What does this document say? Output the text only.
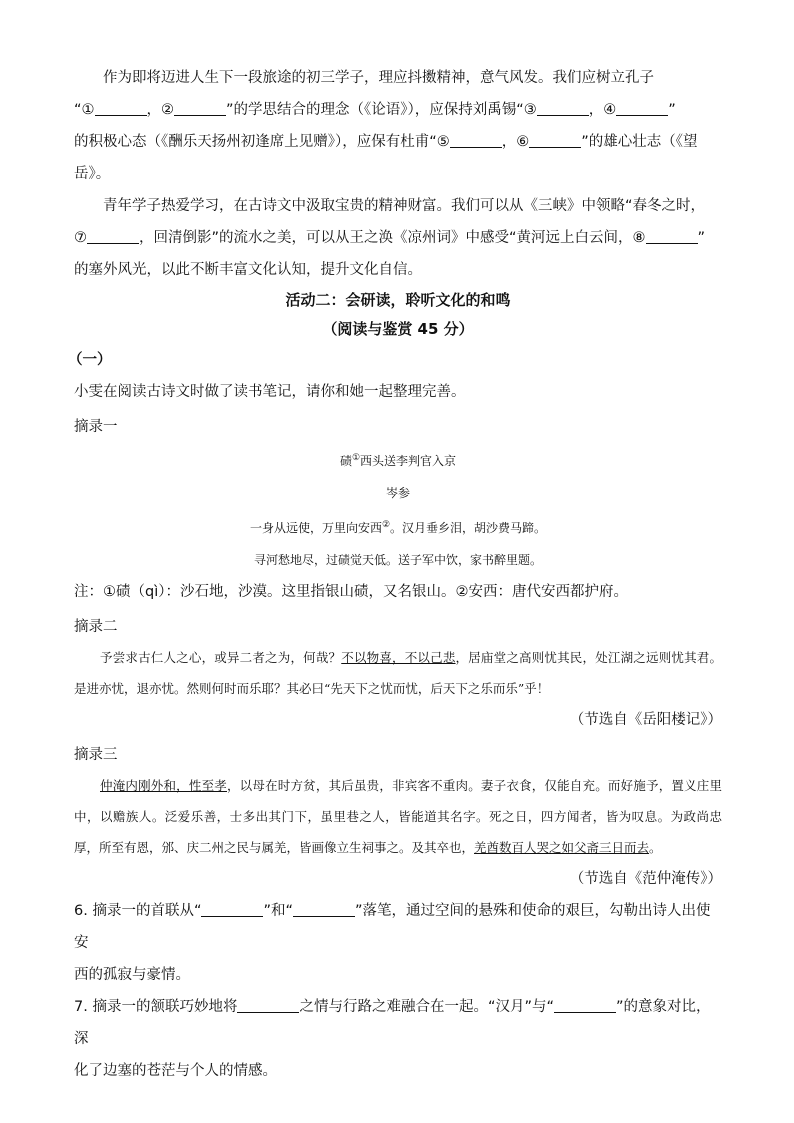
作为即将迈进人生下一段旅途的初三学子，理应抖擞精神，意气风发。我们应树立孔子
“①	，②	”的学思结合的理念（《论语》），应保持刘禹锡“③	，④	”
的积极心态（《酬乐天扬州初逢席上见赠》），应保有杜甫“⑤	，⑥	”的雄心壮志（《望
岳》。
青年学子热爱学习，在古诗文中汲取宝贵的精神财富。我们可以从《三峡》中领略“春冬之时，
⑦	，回清倒影”的流水之美，可以从王之涣《凉州词》中感受“黄河远上白云间，⑧	”
的塞外风光，以此不断丰富文化认知，提升文化自信。
活动二：会研读，聆听文化的和鸣
（阅读与鉴赏 45 分）
（一）
小雯在阅读古诗文时做了读书笔记，请你和她一起整理完善。
摘录一
碛①西头送李判官入京
岑参
一身从远使，万里向安西②。汉月垂乡泪，胡沙费马蹄。
寻河愁地尽，过碛觉天低。送子军中饮，家书醉里题。
注：①碛（qì）：沙石地，沙漠。这里指银山碛，又名银山。②安西：唐代安西都护府。
摘录二
予尝求古仁人之心，或异二者之为，何哉？不以物喜，不以己悲，居庙堂之高则忧其民，处江湖之远则忧其君。是进亦忧，退亦忧。然则何时而乐耶？其必曰“先天下之忧而忧，后天下之乐而乐”乎！
（节选自《岳阳楼记》）
摘录三
仲淹内刚外和，性至孝，以母在时方贫，其后虽贵，非宾客不重肉。妻子衣食，仅能自充。而好施予，置义庄里中，以赡族人。泛爱乐善，士多出其门下，虽里巷之人，皆能道其名字。死之日，四方闻者，皆为叹息。为政尚忠厚，所至有恩，邠、庆二州之民与属羌，皆画像立生祠事之。及其卒也，羌酋数百人哭之如父斋三日而去。
（节选自《范仲淹传》）
6. 摘录一的首联从“	”和“	”落笔，通过空间的悬殊和使命的艰巨，勾勒出诗人出使安
西的孤寂与豪情。
7. 摘录一的颔联巧妙地将	之情与行路之难融合在一起。“汉月”与“	”的意象对比，深
化了边塞的苍茫与个人的情感。
